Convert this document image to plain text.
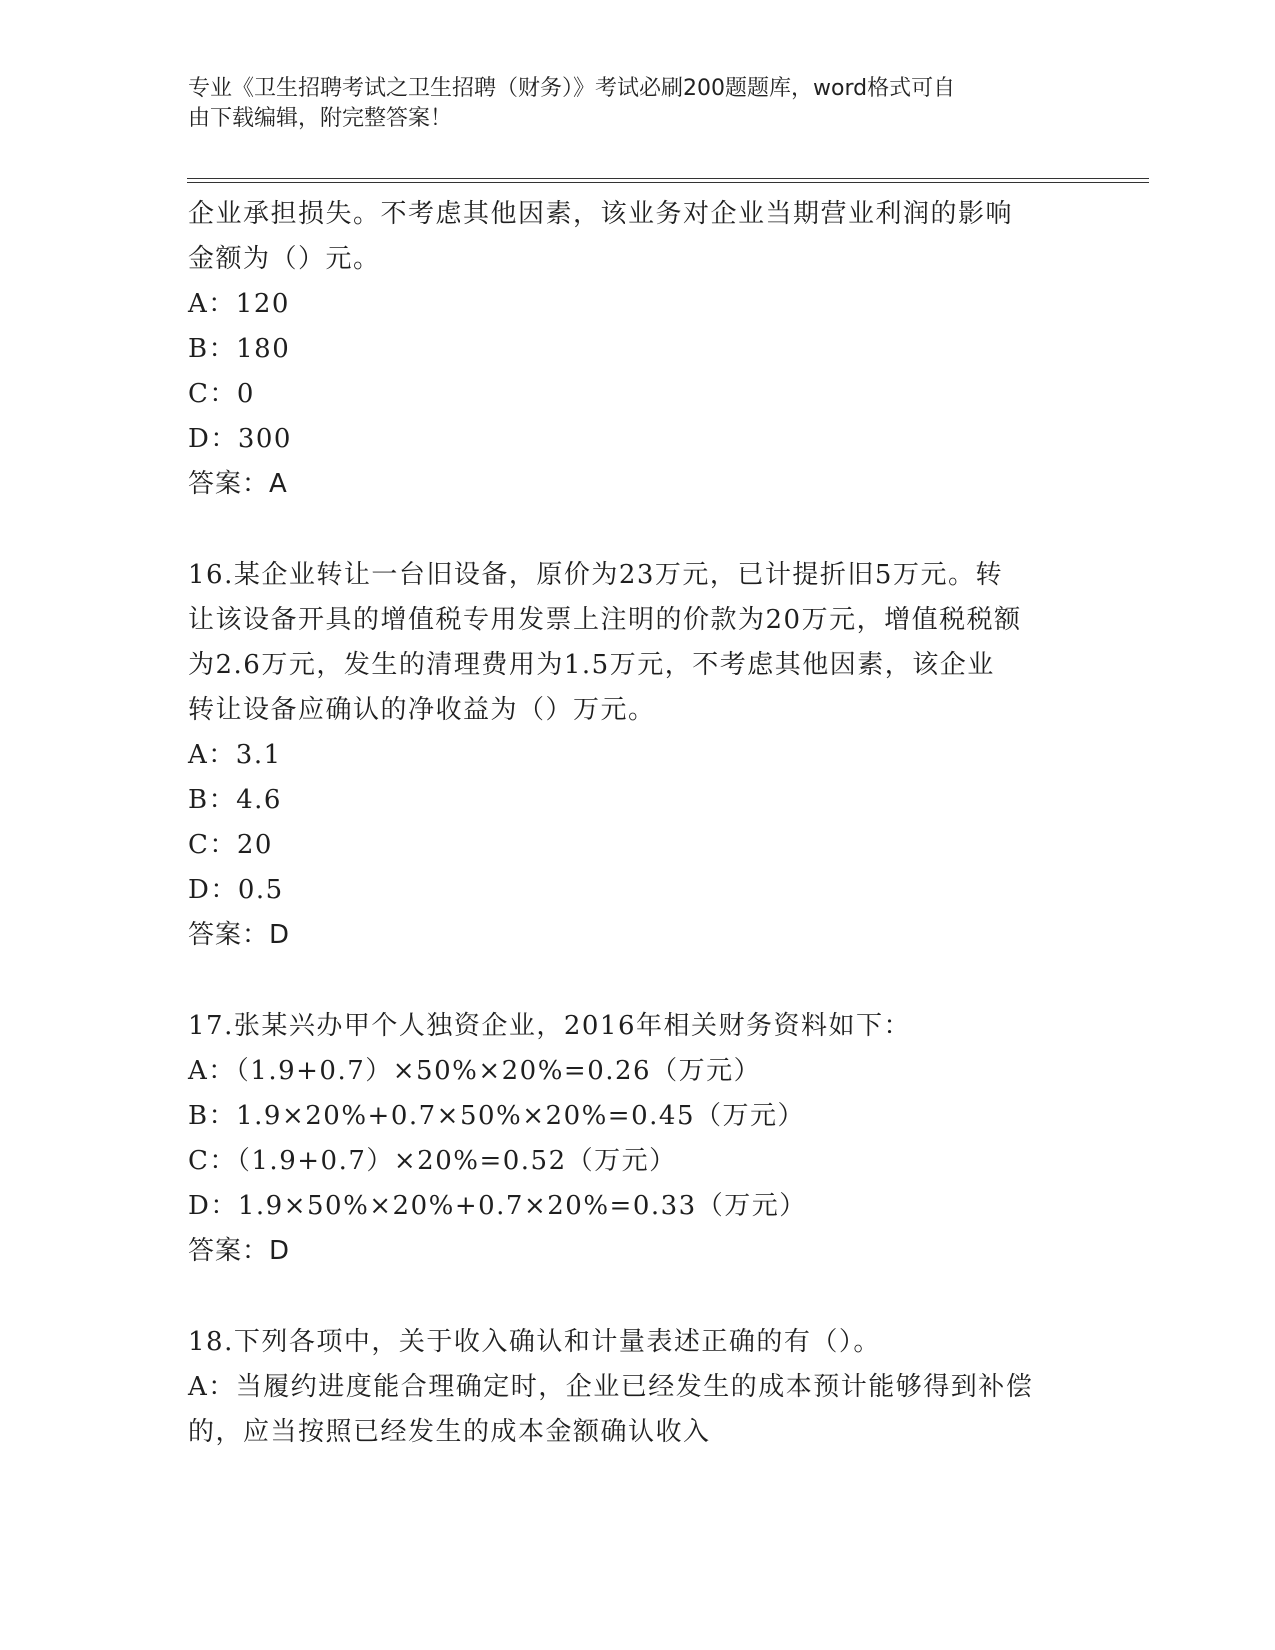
专业《卫生招聘考试之卫生招聘（财务）》考试必刷200题题库，word格式可自
由下载编辑，附完整答案！
企业承担损失。不考虑其他因素，该业务对企业当期营业利润的影响
金额为（）元。
A：120
B：180
C：0
D：300
答案：A
16.某企业转让一台旧设备，原价为23万元，已计提折旧5万元。转
让该设备开具的增值税专用发票上注明的价款为20万元，增值税税额
为2.6万元，发生的清理费用为1.5万元，不考虑其他因素，该企业
转让设备应确认的净收益为（）万元。
A：3.1
B：4.6
C：20
D：0.5
答案：D
17.张某兴办甲个人独资企业，2016年相关财务资料如下：
A：（1.9+0.7）×50%×20%=0.26（万元）
B：1.9×20%+0.7×50%×20%=0.45（万元）
C：（1.9+0.7）×20%=0.52（万元）
D：1.9×50%×20%+0.7×20%=0.33（万元）
答案：D
18.下列各项中，关于收入确认和计量表述正确的有（）。
A：当履约进度能合理确定时，企业已经发生的成本预计能够得到补偿
的，应当按照已经发生的成本金额确认收入
